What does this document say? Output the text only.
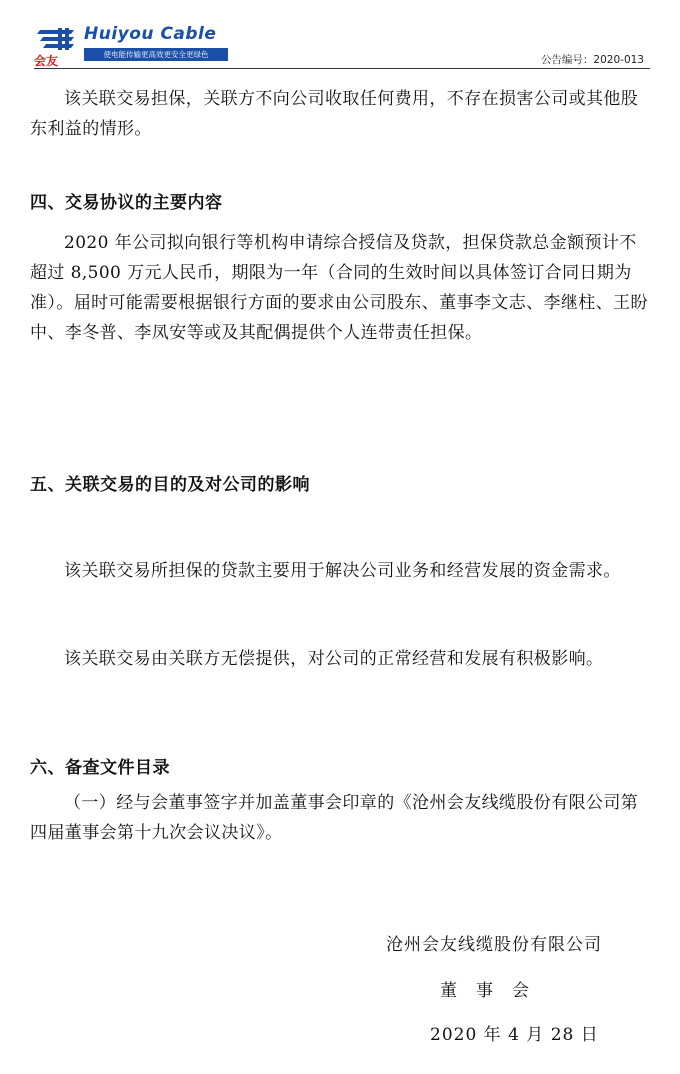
会友
Huiyou Cable
使电能传输更高效更安全更绿色	公告编号：2020-013

该关联交易担保，关联方不向公司收取任何费用，不存在损害公司或其他股东利益的情形。

四、交易协议的主要内容

2020 年公司拟向银行等机构申请综合授信及贷款，担保贷款总金额预计不超过 8,500 万元人民币，期限为一年（合同的生效时间以具体签订合同日期为准）。届时可能需要根据银行方面的要求由公司股东、董事李文志、李继柱、王盼中、李冬普、李凤安等或及其配偶提供个人连带责任担保。

五、关联交易的目的及对公司的影响

该关联交易所担保的贷款主要用于解决公司业务和经营发展的资金需求。

该关联交易由关联方无偿提供，对公司的正常经营和发展有积极影响。

六、备查文件目录

（一）经与会董事签字并加盖董事会印章的《沧州会友线缆股份有限公司第四届董事会第十九次会议决议》。

沧州会友线缆股份有限公司
董　事　会
2020 年 4 月 28 日
